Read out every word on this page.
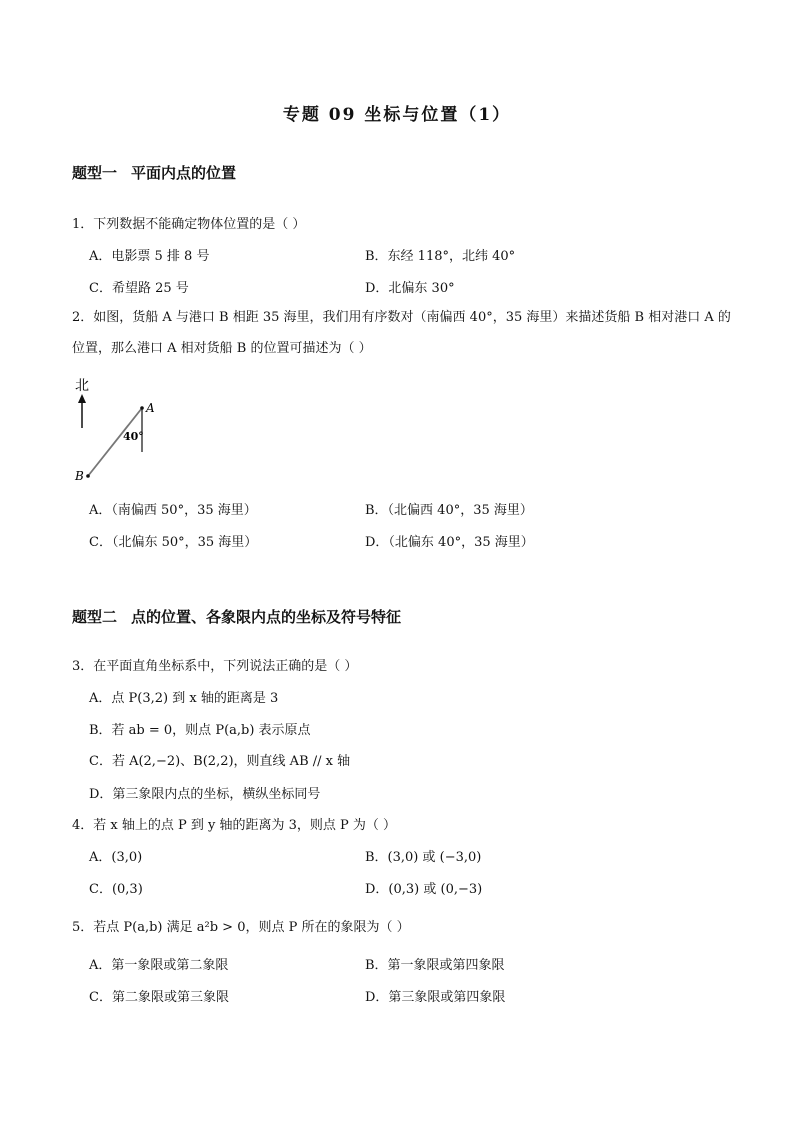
专题 09 坐标与位置（1）
题型一 平面内点的位置
1．下列数据不能确定物体位置的是（ ）
A．电影票 5 排 8 号	B．东经 118°，北纬 40°
C．希望路 25 号	D．北偏东 30°
2．如图，货船 A 与港口 B 相距 35 海里，我们用有序数对（南偏西 40°，35 海里）来描述货船 B 相对港口 A 的位置，那么港口 A 相对货船 B 的位置可描述为（ ）
北
A
B
40°
A．（南偏西 50°，35 海里）	B．（北偏西 40°，35 海里）
C．（北偏东 50°，35 海里）	D．（北偏东 40°，35 海里）
题型二 点的位置、各象限内点的坐标及符号特征
3．在平面直角坐标系中，下列说法正确的是（ ）
A．点 P(3,2) 到 x 轴的距离是 3
B．若 ab = 0，则点 P(a,b) 表示原点
C．若 A(2,−2)、B(2,2)，则直线 AB // x 轴
D．第三象限内点的坐标，横纵坐标同号
4．若 x 轴上的点 P 到 y 轴的距离为 3，则点 P 为（ ）
A．(3,0)	B．(3,0) 或 (−3,0)
C．(0,3)	D．(0,3) 或 (0,−3)
5．若点 P(a,b) 满足 a²b > 0，则点 P 所在的象限为（ ）
A．第一象限或第二象限	B．第一象限或第四象限
C．第二象限或第三象限	D．第三象限或第四象限
